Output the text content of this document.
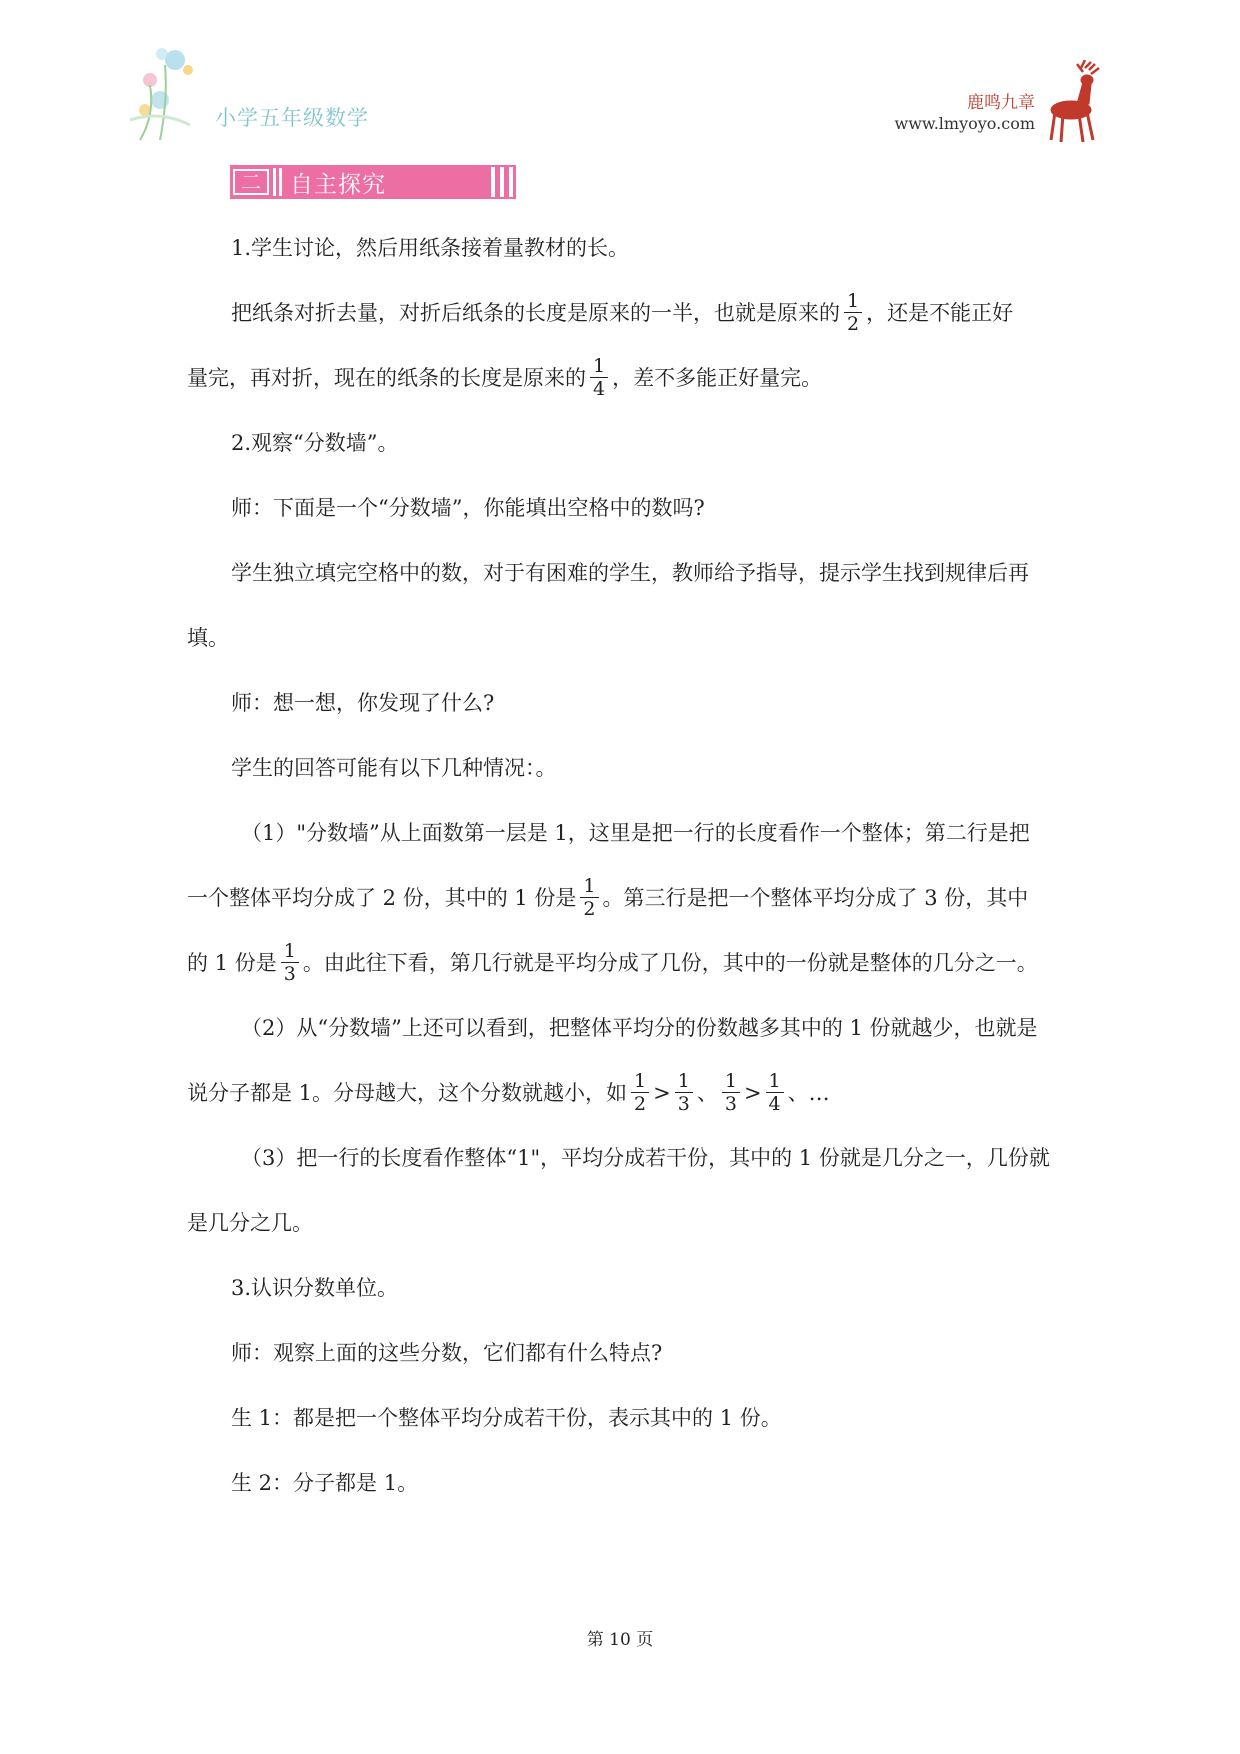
小学五年级数学
鹿鸣九章
www.lmyoyo.com
二	自主探究
1.学生讨论，然后用纸条接着量教材的长。
把纸条对折去量，对折后纸条的长度是原来的一半，也就是原来的 $\frac{1}{2}$ ，还是不能正好
量完，再对折，现在的纸条的长度是原来的 $\frac{1}{4}$ ，差不多能正好量完。
2.观察“分数墙”。
师：下面是一个“分数墙”，你能填出空格中的数吗?
学生独立填完空格中的数，对于有困难的学生，教师给予指导，提示学生找到规律后再
填。
师：想一想，你发现了什么?
学生的回答可能有以下几种情况：。
（1）"分数墙”从上面数第一层是 1，这里是把一行的长度看作一个整体；第二行是把
一个整体平均分成了 2 份，其中的 1 份是 $\frac{1}{2}$ 。第三行是把一个整体平均分成了 3 份，其中
的 1 份是 $\frac{1}{3}$ 。由此往下看，第几行就是平均分成了几份，其中的一份就是整体的几分之一。
（2）从“分数墙”上还可以看到，把整体平均分的份数越多其中的 1 份就越少，也就是
说分子都是 1。分母越大，这个分数就越小，如 $\frac{1}{2} > \frac{1}{3}$ 、 $\frac{1}{3} > \frac{1}{4}$ 、…
（3）把一行的长度看作整体“1"，平均分成若干份，其中的 1 份就是几分之一，几份就
是几分之几。
3.认识分数单位。
师：观察上面的这些分数，它们都有什么特点?
生 1：都是把一个整体平均分成若干份，表示其中的 1 份。
生 2：分子都是 1。
第 10 页
